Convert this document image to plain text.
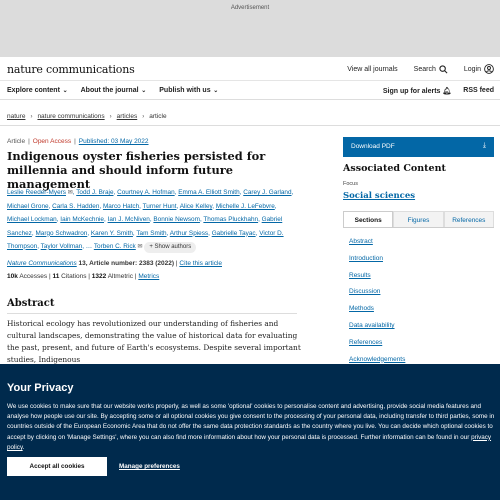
Advertisement
nature communications	View all journals Search	Login
Explore content ⌄ About the journal ⌄ Publish with us ⌄	Sign up for alerts 🔔︎ RSS feed
nature › nature communications › articles › article
Article | Open Access | Published: 03 May 2022
Indigenous oyster fisheries persisted for millennia and should inform future management
Leslie Reeder-Myers ✉, Todd J. Braje, Courtney A. Hofman, Emma A. Elliott Smith, Carey J. Garland, Michael Grone, Carla S. Hadden, Marco Hatch, Turner Hunt, Alice Kelley, Michelle J. LeFebvre, Michael Lockman, Iain McKechnie, Ian J. McNiven, Bonnie Newsom, Thomas Pluckhahn, Gabriel Sanchez, Margo Schwadron, Karen Y. Smith, Tam Smith, Arthur Spiess, Gabrielle Tayac, Victor D. Thompson, Taylor Vollman, … Torben C. Rick ✉ + Show authors
Nature Communications 13, Article number: 2383 (2022) | Cite this article
10k Accesses | 11 Citations | 1322 Altmetric | Metrics
Abstract

Historical ecology has revolutionized our understanding of fisheries and cultural landscapes, demonstrating the value of historical data for evaluating the past, present, and future of Earth's ecosystems. Despite several important studies, Indigenous

Download PDF	⤓
Associated Content
Focus
Social sciences
Sections	Figures	References
Abstract
Introduction
Results
Discussion
Methods
Data availability
References
Acknowledgements
Your Privacy

We use cookies to make sure that our website works properly, as well as some 'optional' cookies to personalise content and advertising, provide social media features and analyse how people use our site. By accepting some or all optional cookies you give consent to the processing of your personal data, including transfer to third parties, some in countries outside of the European Economic Area that do not offer the same data protection standards as the country where you live. You can decide which optional cookies to accept by clicking on 'Manage Settings', where you can also find more information about how your personal data is processed. Further information can be found in our privacy policy.

Accept all cookies	Manage preferences
